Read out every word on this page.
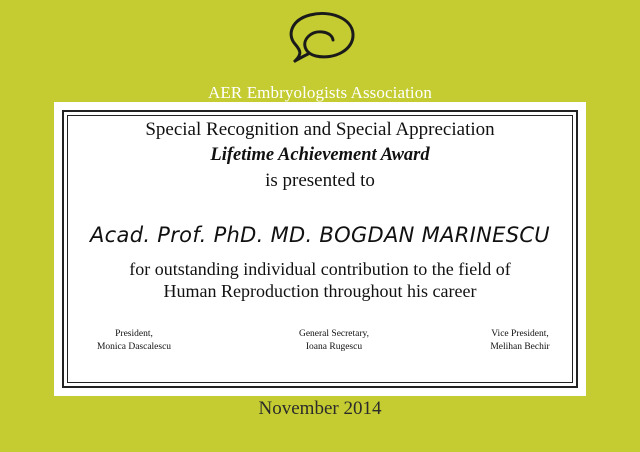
AER Embryologists Association
Special Recognition and Special Appreciation
Lifetime Achievement Award
is presented to
Acad. Prof. PhD. MD. BOGDAN MARINESCU
for outstanding individual contribution to the field of
Human Reproduction throughout his career
President,
Monica Dascalescu
General Secretary,
Ioana Rugescu
Vice President,
Melihan Bechir
November 2014
